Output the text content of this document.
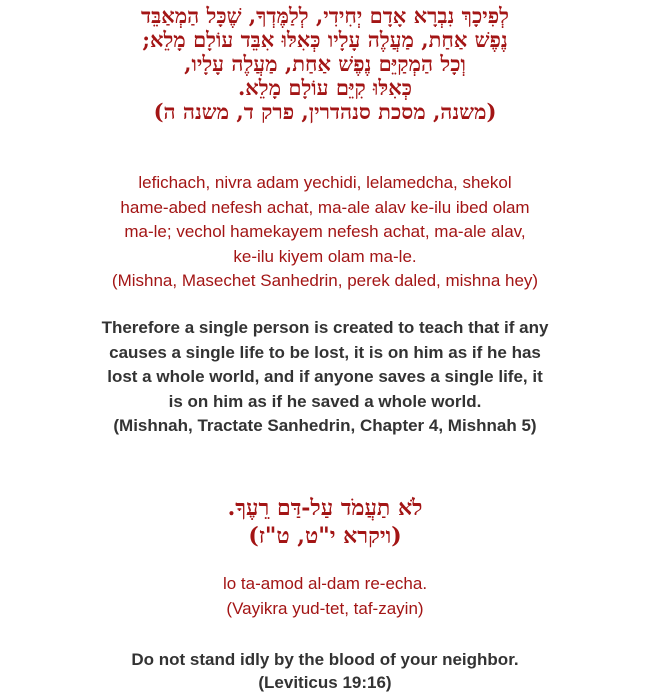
לְפִיכָךְ נִבְרָא אָדָם יְחִידִי, לְלַמֶּדְךָ, שֶׁכָּל הַמְאַבֵּד
נֶפֶשׁ אַחַת, מַעֲלֶה עָלָיו כְּאִלּוּ אִבֵּד עוֹלָם מָלֵא;
וְכָל הַמְקַיֵּם נֶפֶשׁ אַחַת, מַעֲלֶה עָלָיו,
כְּאִלּוּ קִיֵּם עוֹלָם מָלֵא.
(משנה, מסכת סנהדרין, פרק ד, משנה ה)
lefichach, nivra adam yechidi, lelamedcha, shekol
hame-abed nefesh achat, ma-ale alav ke-ilu ibed olam
ma-le; vechol hamekayem nefesh achat, ma-ale alav,
ke-ilu kiyem olam ma-le.
(Mishna, Masechet Sanhedrin, perek daled, mishna hey)
Therefore a single person is created to teach that if any
causes a single life to be lost, it is on him as if he has
lost a whole world, and if anyone saves a single life, it
is on him as if he saved a whole world.
(Mishnah, Tractate Sanhedrin, Chapter 4, Mishnah 5)
לֹא תַעֲמֹד עַל-דַּם רֵעֶךָ.
(ויקרא י"ט, ט"ז)
lo ta-amod al-dam re-echa.
(Vayikra yud-tet, taf-zayin)
Do not stand idly by the blood of your neighbor.
(Leviticus 19:16)
